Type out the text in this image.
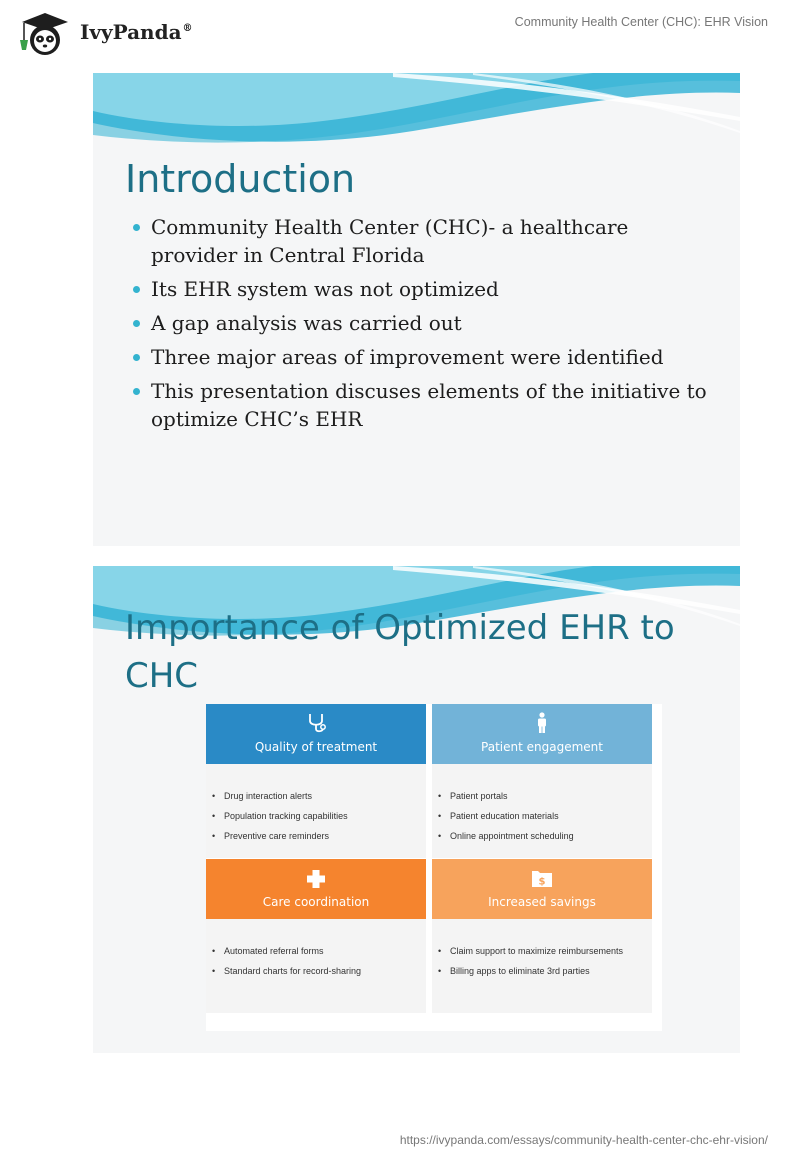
IvyPanda®	Community Health Center (CHC): EHR Vision
Introduction
Community Health Center (CHC)- a healthcare provider in Central Florida
Its EHR system was not optimized
A gap analysis was carried out
Three major areas of improvement were identified
This presentation discuses elements of the initiative to optimize CHC’s EHR
Importance of Optimized EHR to CHC
Quality of treatment
• Drug interaction alerts
• Population tracking capabilities
• Preventive care reminders
Patient engagement
• Patient portals
• Patient education materials
• Online appointment scheduling
Care coordination
• Automated referral forms
• Standard charts for record-sharing
$
Increased savings
• Claim support to maximize reimbursements
• Billing apps to eliminate 3rd parties
https://ivypanda.com/essays/community-health-center-chc-ehr-vision/
